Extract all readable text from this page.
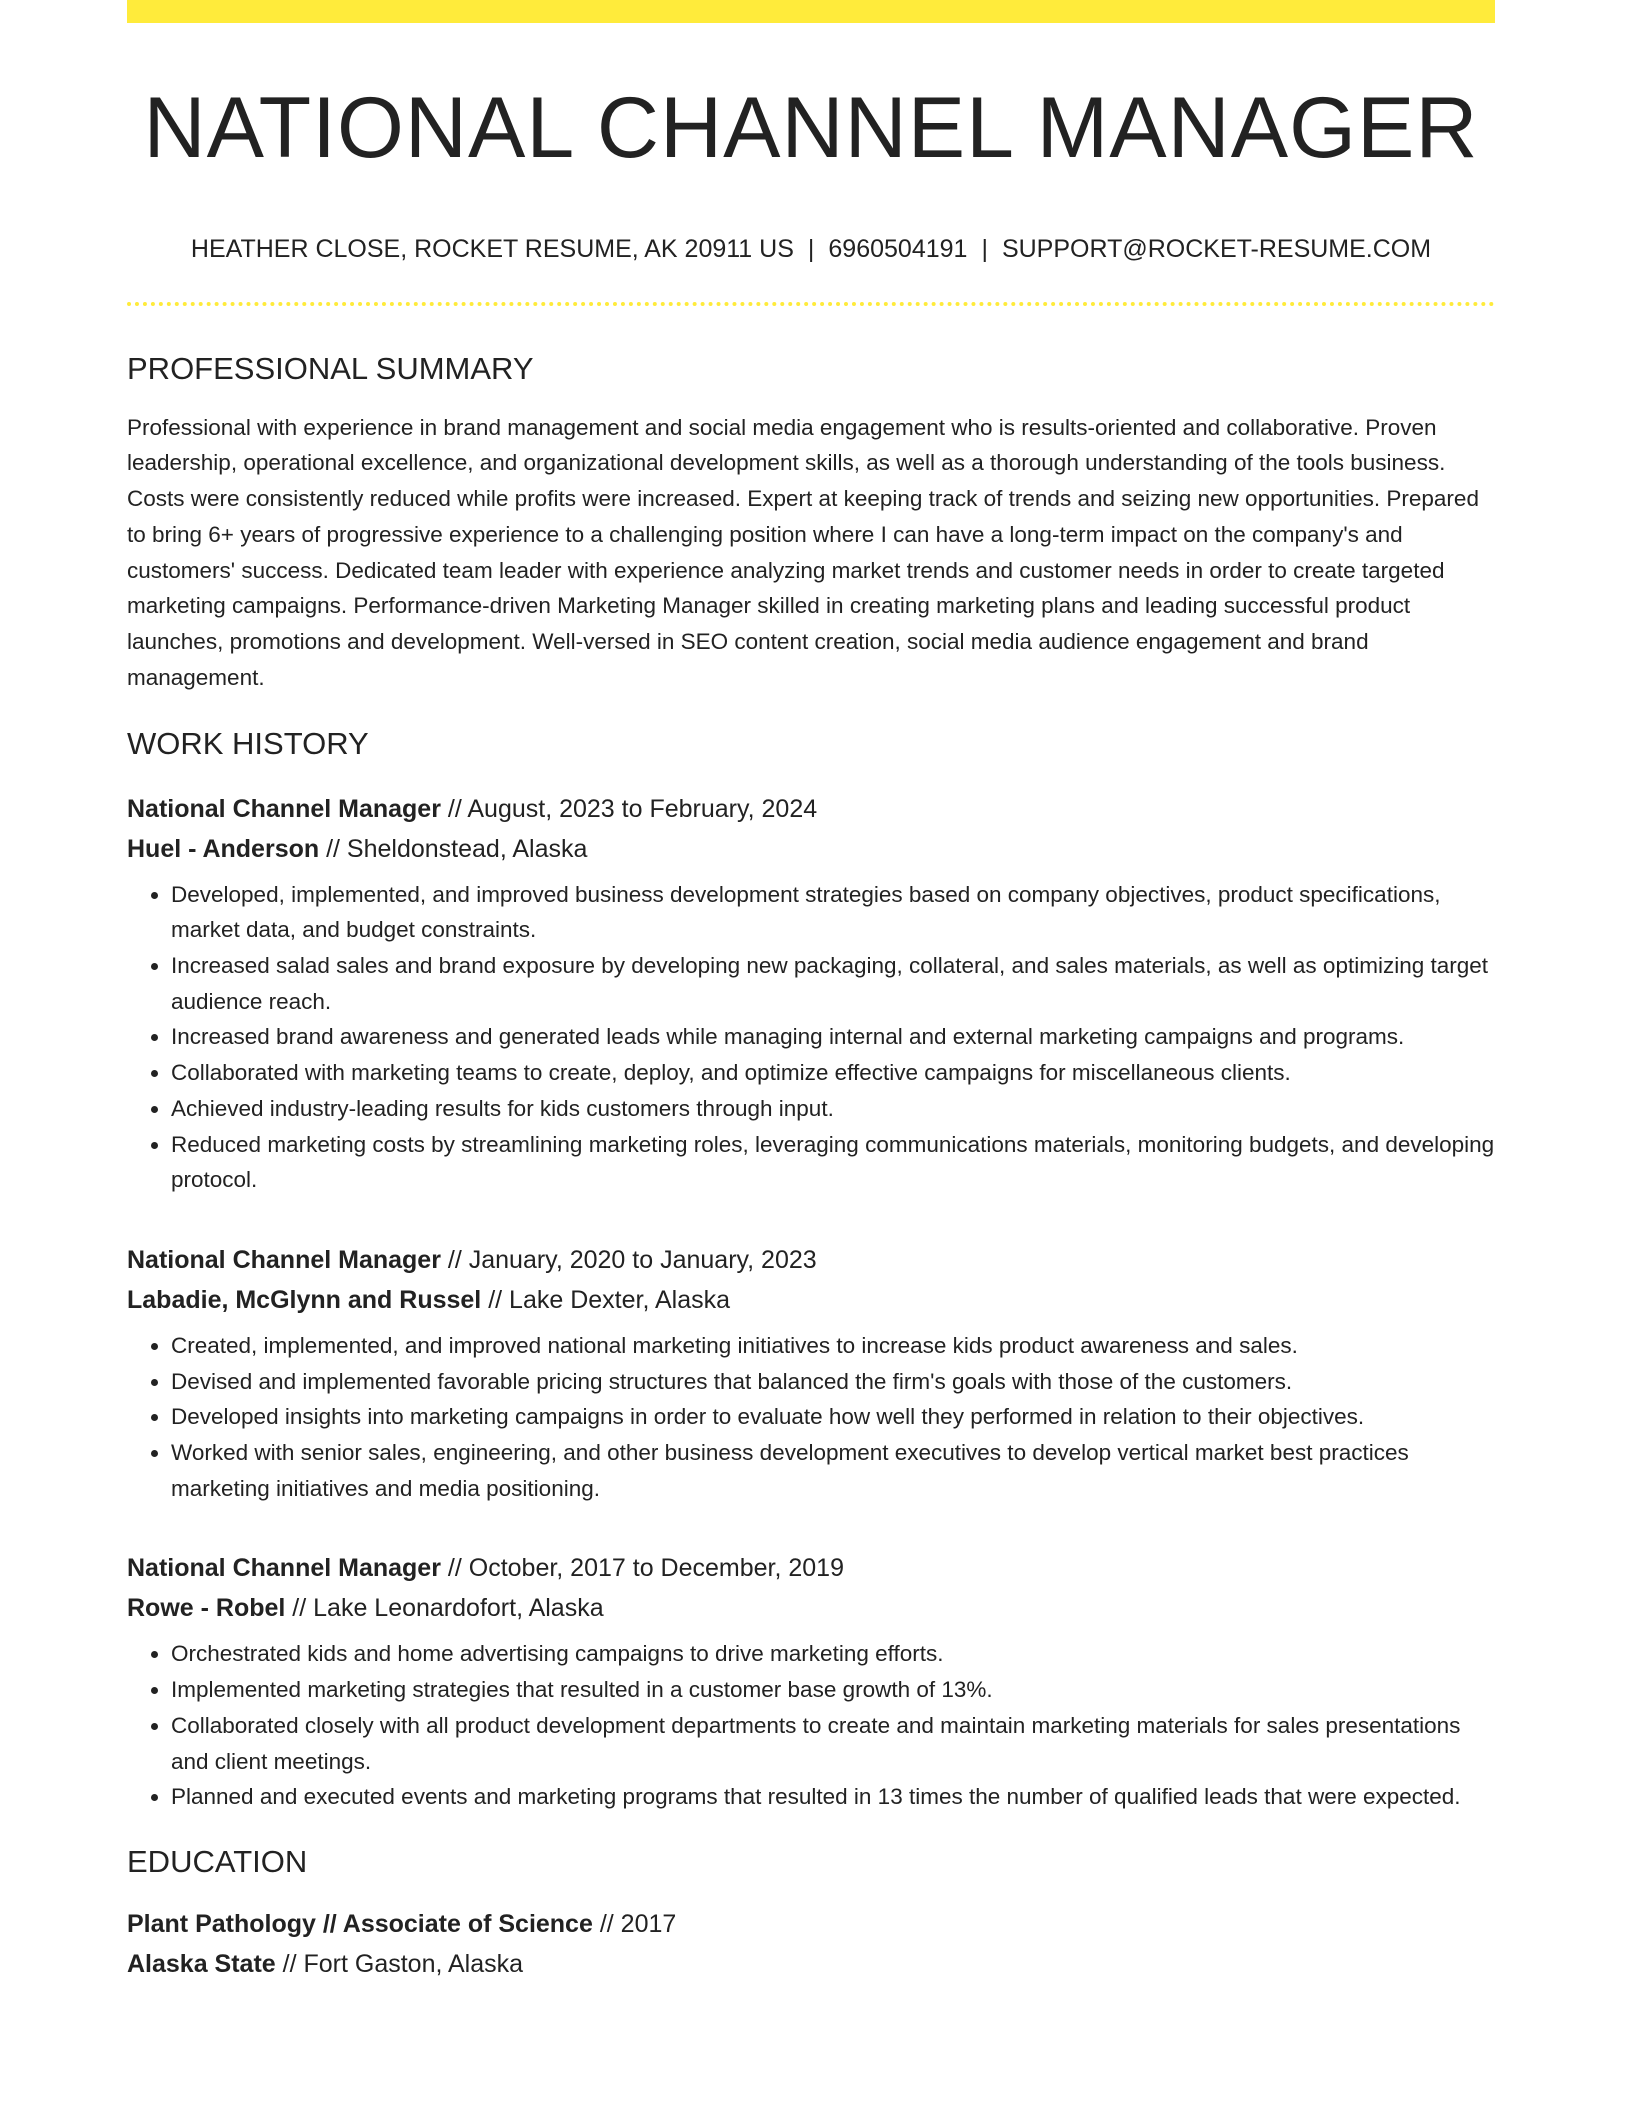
NATIONAL CHANNEL MANAGER
HEATHER CLOSE, ROCKET RESUME, AK 20911 US | 6960504191 | SUPPORT@ROCKET-RESUME.COM
PROFESSIONAL SUMMARY
Professional with experience in brand management and social media engagement who is results-oriented and collaborative. Proven leadership, operational excellence, and organizational development skills, as well as a thorough understanding of the tools business. Costs were consistently reduced while profits were increased. Expert at keeping track of trends and seizing new opportunities. Prepared to bring 6+ years of progressive experience to a challenging position where I can have a long-term impact on the company's and customers' success. Dedicated team leader with experience analyzing market trends and customer needs in order to create targeted marketing campaigns. Performance-driven Marketing Manager skilled in creating marketing plans and leading successful product launches, promotions and development. Well-versed in SEO content creation, social media audience engagement and brand management.
WORK HISTORY
National Channel Manager // August, 2023 to February, 2024
Huel - Anderson // Sheldonstead, Alaska
• Developed, implemented, and improved business development strategies based on company objectives, product specifications, market data, and budget constraints.
• Increased salad sales and brand exposure by developing new packaging, collateral, and sales materials, as well as optimizing target audience reach.
• Increased brand awareness and generated leads while managing internal and external marketing campaigns and programs.
• Collaborated with marketing teams to create, deploy, and optimize effective campaigns for miscellaneous clients.
• Achieved industry-leading results for kids customers through input.
• Reduced marketing costs by streamlining marketing roles, leveraging communications materials, monitoring budgets, and developing protocol.
National Channel Manager // January, 2020 to January, 2023
Labadie, McGlynn and Russel // Lake Dexter, Alaska
• Created, implemented, and improved national marketing initiatives to increase kids product awareness and sales.
• Devised and implemented favorable pricing structures that balanced the firm's goals with those of the customers.
• Developed insights into marketing campaigns in order to evaluate how well they performed in relation to their objectives.
• Worked with senior sales, engineering, and other business development executives to develop vertical market best practices marketing initiatives and media positioning.
National Channel Manager // October, 2017 to December, 2019
Rowe - Robel // Lake Leonardofort, Alaska
• Orchestrated kids and home advertising campaigns to drive marketing efforts.
• Implemented marketing strategies that resulted in a customer base growth of 13%.
• Collaborated closely with all product development departments to create and maintain marketing materials for sales presentations and client meetings.
• Planned and executed events and marketing programs that resulted in 13 times the number of qualified leads that were expected.
EDUCATION
Plant Pathology // Associate of Science // 2017
Alaska State // Fort Gaston, Alaska
